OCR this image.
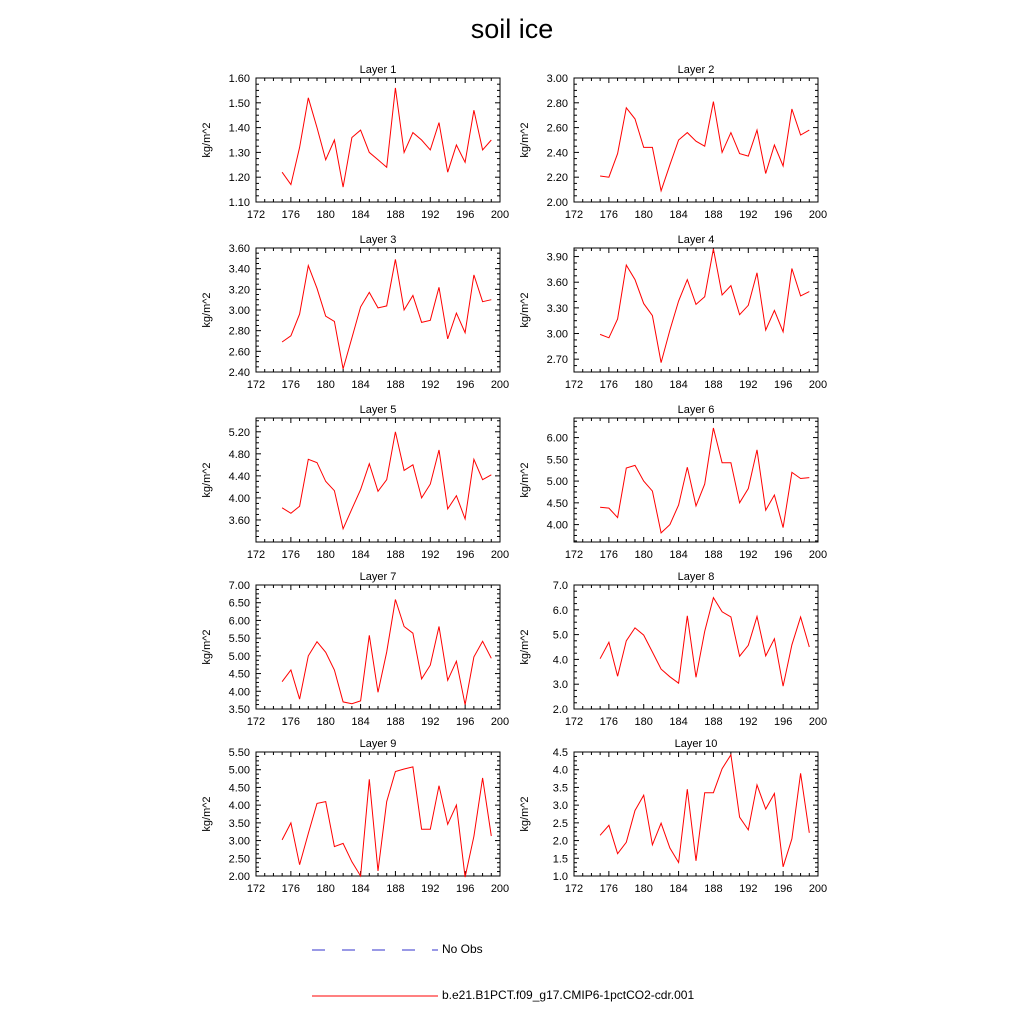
soil ice
Layer 1
kg/m^2
172 176 180 184 188 192 196 200
1.10
1.20
1.30
1.40
1.50
1.60
Layer 2
kg/m^2
172 176 180 184 188 192 196 200
2.00
2.20
2.40
2.60
2.80
3.00
Layer 3
kg/m^2
172 176 180 184 188 192 196 200
2.40
2.60
2.80
3.00
3.20
3.40
3.60
Layer 4
kg/m^2
172 176 180 184 188 192 196 200
2.70
3.00
3.30
3.60
3.90
Layer 5
kg/m^2
172 176 180 184 188 192 196 200
3.60
4.00
4.40
4.80
5.20
Layer 6
kg/m^2
172 176 180 184 188 192 196 200
4.00
4.50
5.00
5.50
6.00
Layer 7
kg/m^2
172 176 180 184 188 192 196 200
3.50
4.00
4.50
5.00
5.50
6.00
6.50
7.00
Layer 8
kg/m^2
172 176 180 184 188 192 196 200
2.0
3.0
4.0
5.0
6.0
7.0
Layer 9
kg/m^2
172 176 180 184 188 192 196 200
2.00
2.50
3.00
3.50
4.00
4.50
5.00
5.50
Layer 10
kg/m^2
172 176 180 184 188 192 196 200
1.0
1.5
2.0
2.5
3.0
3.5
4.0
4.5
No Obs
b.e21.B1PCT.f09_g17.CMIP6-1pctCO2-cdr.001
